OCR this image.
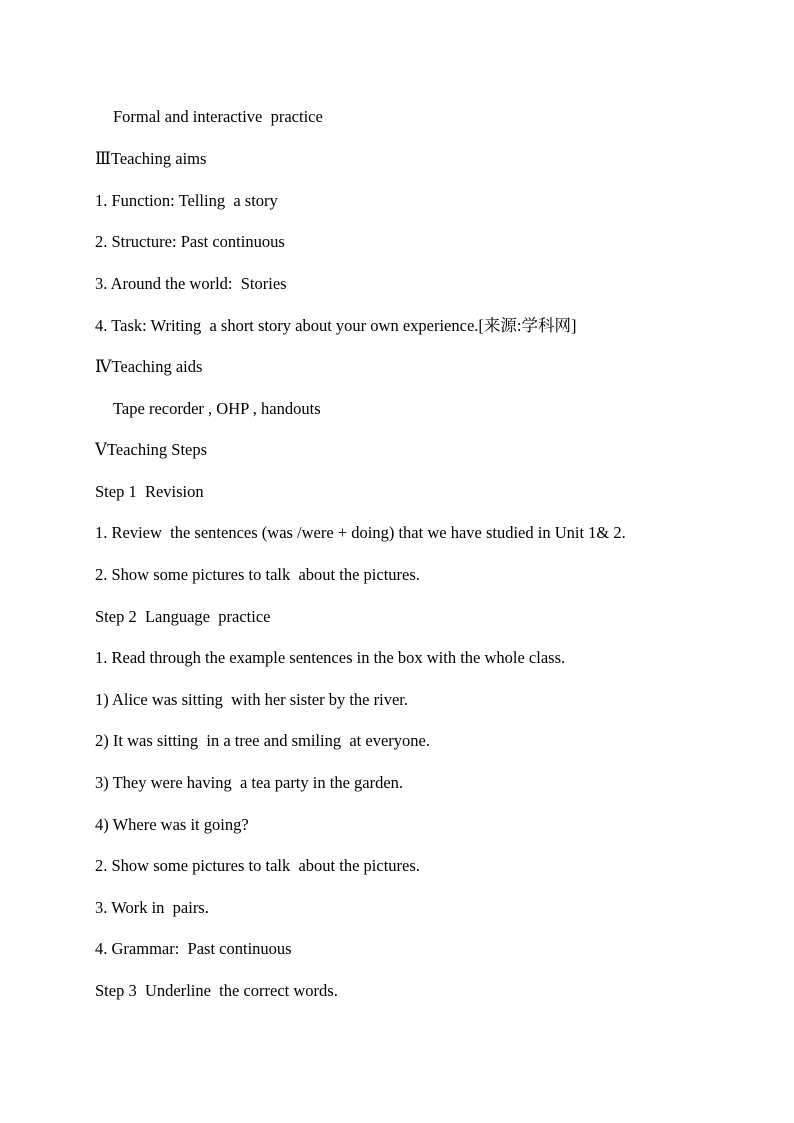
Formal and interactive  practice
ⅢTeaching aims
1. Function: Telling  a story
2. Structure: Past continuous
3. Around the world:  Stories
4. Task: Writing  a short story about your own experience.[来源:学科网]
ⅣTeaching aids
Tape recorder , OHP , handouts
ⅤTeaching Steps
Step 1  Revision
1. Review  the sentences (was /were + doing) that we have studied in Unit 1& 2.
2. Show some pictures to talk  about the pictures.
Step 2  Language  practice
1. Read through the example sentences in the box with the whole class.
1) Alice was sitting  with her sister by the river.
2) It was sitting  in a tree and smiling  at everyone.
3) They were having  a tea party in the garden.
4) Where was it going?
2. Show some pictures to talk  about the pictures.
3. Work in  pairs.
4. Grammar:  Past continuous
Step 3  Underline  the correct words.
